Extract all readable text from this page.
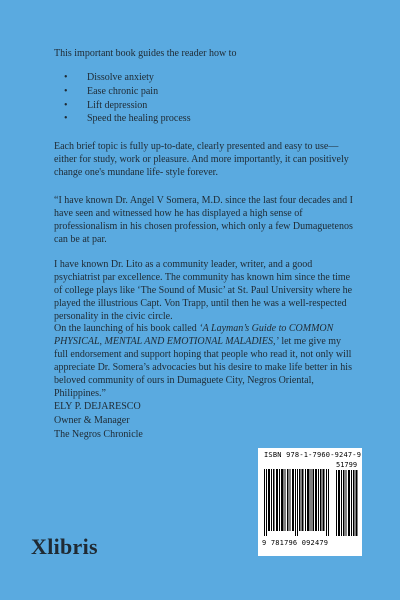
This important book guides the reader how to

• Dissolve anxiety
• Ease chronic pain
• Lift depression
• Speed the healing process

Each brief topic is fully up-to-date, clearly presented and easy to use— either for study, work or pleasure. And more importantly, it can positively change one's mundane life- style forever.

“I have known Dr. Angel V Somera, M.D. since the last four decades and I have seen and witnessed how he has displayed a high sense of professionalism in his chosen profession, which only a few Dumaguetenos can be at par.

I have known Dr. Lito as a community leader, writer, and a good psychiatrist par excellence. The community has known him since the time of college plays like ‘The Sound of Music’ at St. Paul University where he played the illustrious Capt. Von Trapp, until then he was a well-respected personality in the civic circle.

On the launching of his book called ‘A Layman’s Guide to COMMON PHYSICAL, MENTAL AND EMOTIONAL MALADIES,’ let me give my full endorsement and support hoping that people who read it, not only will appreciate Dr. Somera’s advocacies but his desire to make life better in his beloved community of ours in Dumaguete City, Negros Oriental, Philippines.”

ELY P. DEJARESCO
Owner & Manager
The Negros Chronicle
Xlibris
ISBN 978-1-7960-9247-9
51799
9 781796 092479
